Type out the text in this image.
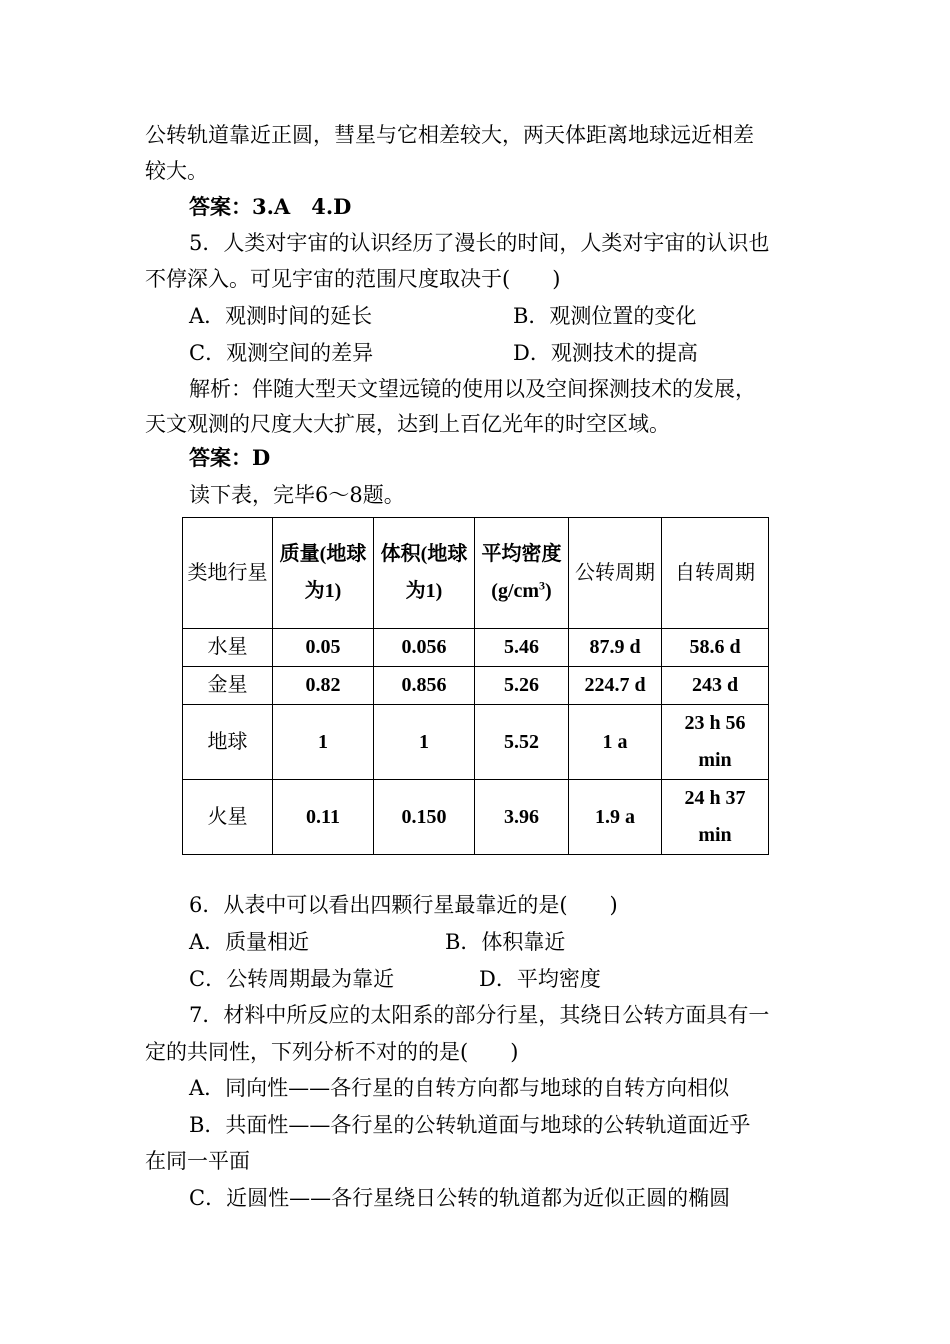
公转轨道靠近正圆，彗星与它相差较大，两天体距离地球远近相差
较大。
答案：3.A　4.D
5．人类对宇宙的认识经历了漫长的时间，人类对宇宙的认识也
不停深入。可见宇宙的范围尺度取决于(　　)
A．观测时间的延长	B．观测位置的变化
C．观测空间的差异	D．观测技术的提高
解析：伴随大型天文望远镜的使用以及空间探测技术的发展，
天文观测的尺度大大扩展，达到上百亿光年的时空区域。
答案：D
读下表，完毕6～8题。
类地行星	质量(地球为1)	体积(地球为1)	平均密度$(g/cm^3)$	公转周期	自转周期
水星	0.05	0.056	5.46	87.9 d	58.6 d
金星	0.82	0.856	5.26	224.7 d	243 d
地球	1	1	5.52	1 a	23 h 56 min
火星	0.11	0.150	3.96	1.9 a	24 h 37 min
6．从表中可以看出四颗行星最靠近的是(　　)
A．质量相近	B．体积靠近
C．公转周期最为靠近	D．平均密度
7．材料中所反应的太阳系的部分行星，其绕日公转方面具有一
定的共同性，下列分析不对的的是(　　)
A．同向性——各行星的自转方向都与地球的自转方向相似
B．共面性——各行星的公转轨道面与地球的公转轨道面近乎
在同一平面
C．近圆性——各行星绕日公转的轨道都为近似正圆的椭圆
